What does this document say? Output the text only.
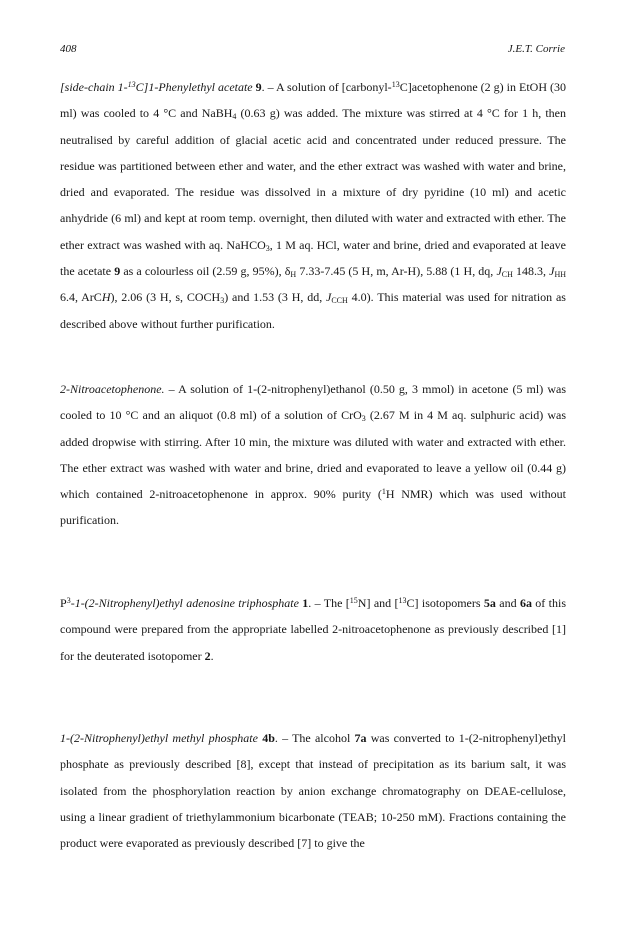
408	J.E.T. Corrie

[side-chain 1-$^{13}$C]1-Phenylethyl acetate 9. – A solution of [carbonyl-$^{13}$C]acetophenone (2 g) in EtOH (30 ml) was cooled to 4 °C and NaBH$_4$ (0.63 g) was added. The mixture was stirred at 4 °C for 1 h, then neutralised by careful addition of glacial acetic acid and concentrated under reduced pressure. The residue was partitioned between ether and water, and the ether extract was washed with water and brine, dried and evaporated. The residue was dissolved in a mixture of dry pyridine (10 ml) and acetic anhydride (6 ml) and kept at room temp. overnight, then diluted with water and extracted with ether. The ether extract was washed with aq. NaHCO$_3$, 1 M aq. HCl, water and brine, dried and evaporated at leave the acetate 9 as a colourless oil (2.59 g, 95%), $\delta_H$ 7.33-7.45 (5 H, m, Ar-H), 5.88 (1 H, dq, $J_{CH}$ 148.3, $J_{HH}$ 6.4, ArCH), 2.06 (3 H, s, $COCH_3$) and 1.53 (3 H, dd, $J_{CCH}$ 4.0). This material was used for nitration as described above without further purification.

2-Nitroacetophenone. – A solution of 1-(2-nitrophenyl)ethanol (0.50 g, 3 mmol) in acetone (5 ml) was cooled to 10 °C and an aliquot (0.8 ml) of a solution of CrO$_3$ (2.67 M in 4 M aq. sulphuric acid) was added dropwise with stirring. After 10 min, the mixture was diluted with water and extracted with ether. The ether extract was washed with water and brine, dried and evaporated to leave a yellow oil (0.44 g) which contained 2-nitroacetophenone in approx. 90% purity ($^1$H NMR) which was used without purification.

$P^3-1-(2-Nitrophenyl)ethyl$ adenosine triphosphate 1. – The [$^{15}$N] and [$^{13}$C] isotopomers 5a and 6a of this compound were prepared from the appropriate labelled 2-nitroacetophenone as previously described [1] for the deuterated isotopomer 2.

1-(2-Nitrophenyl)ethyl methyl phosphate 4b. – The alcohol 7a was converted to 1-(2-nitrophenyl)ethyl phosphate as previously described [8], except that instead of precipitation as its barium salt, it was isolated from the phosphorylation reaction by anion exchange chromatography on DEAE-cellulose, using a linear gradient of triethylammonium bicarbonate (TEAB; 10-250 mM). Fractions containing the product were evaporated as previously described [7] to give the
